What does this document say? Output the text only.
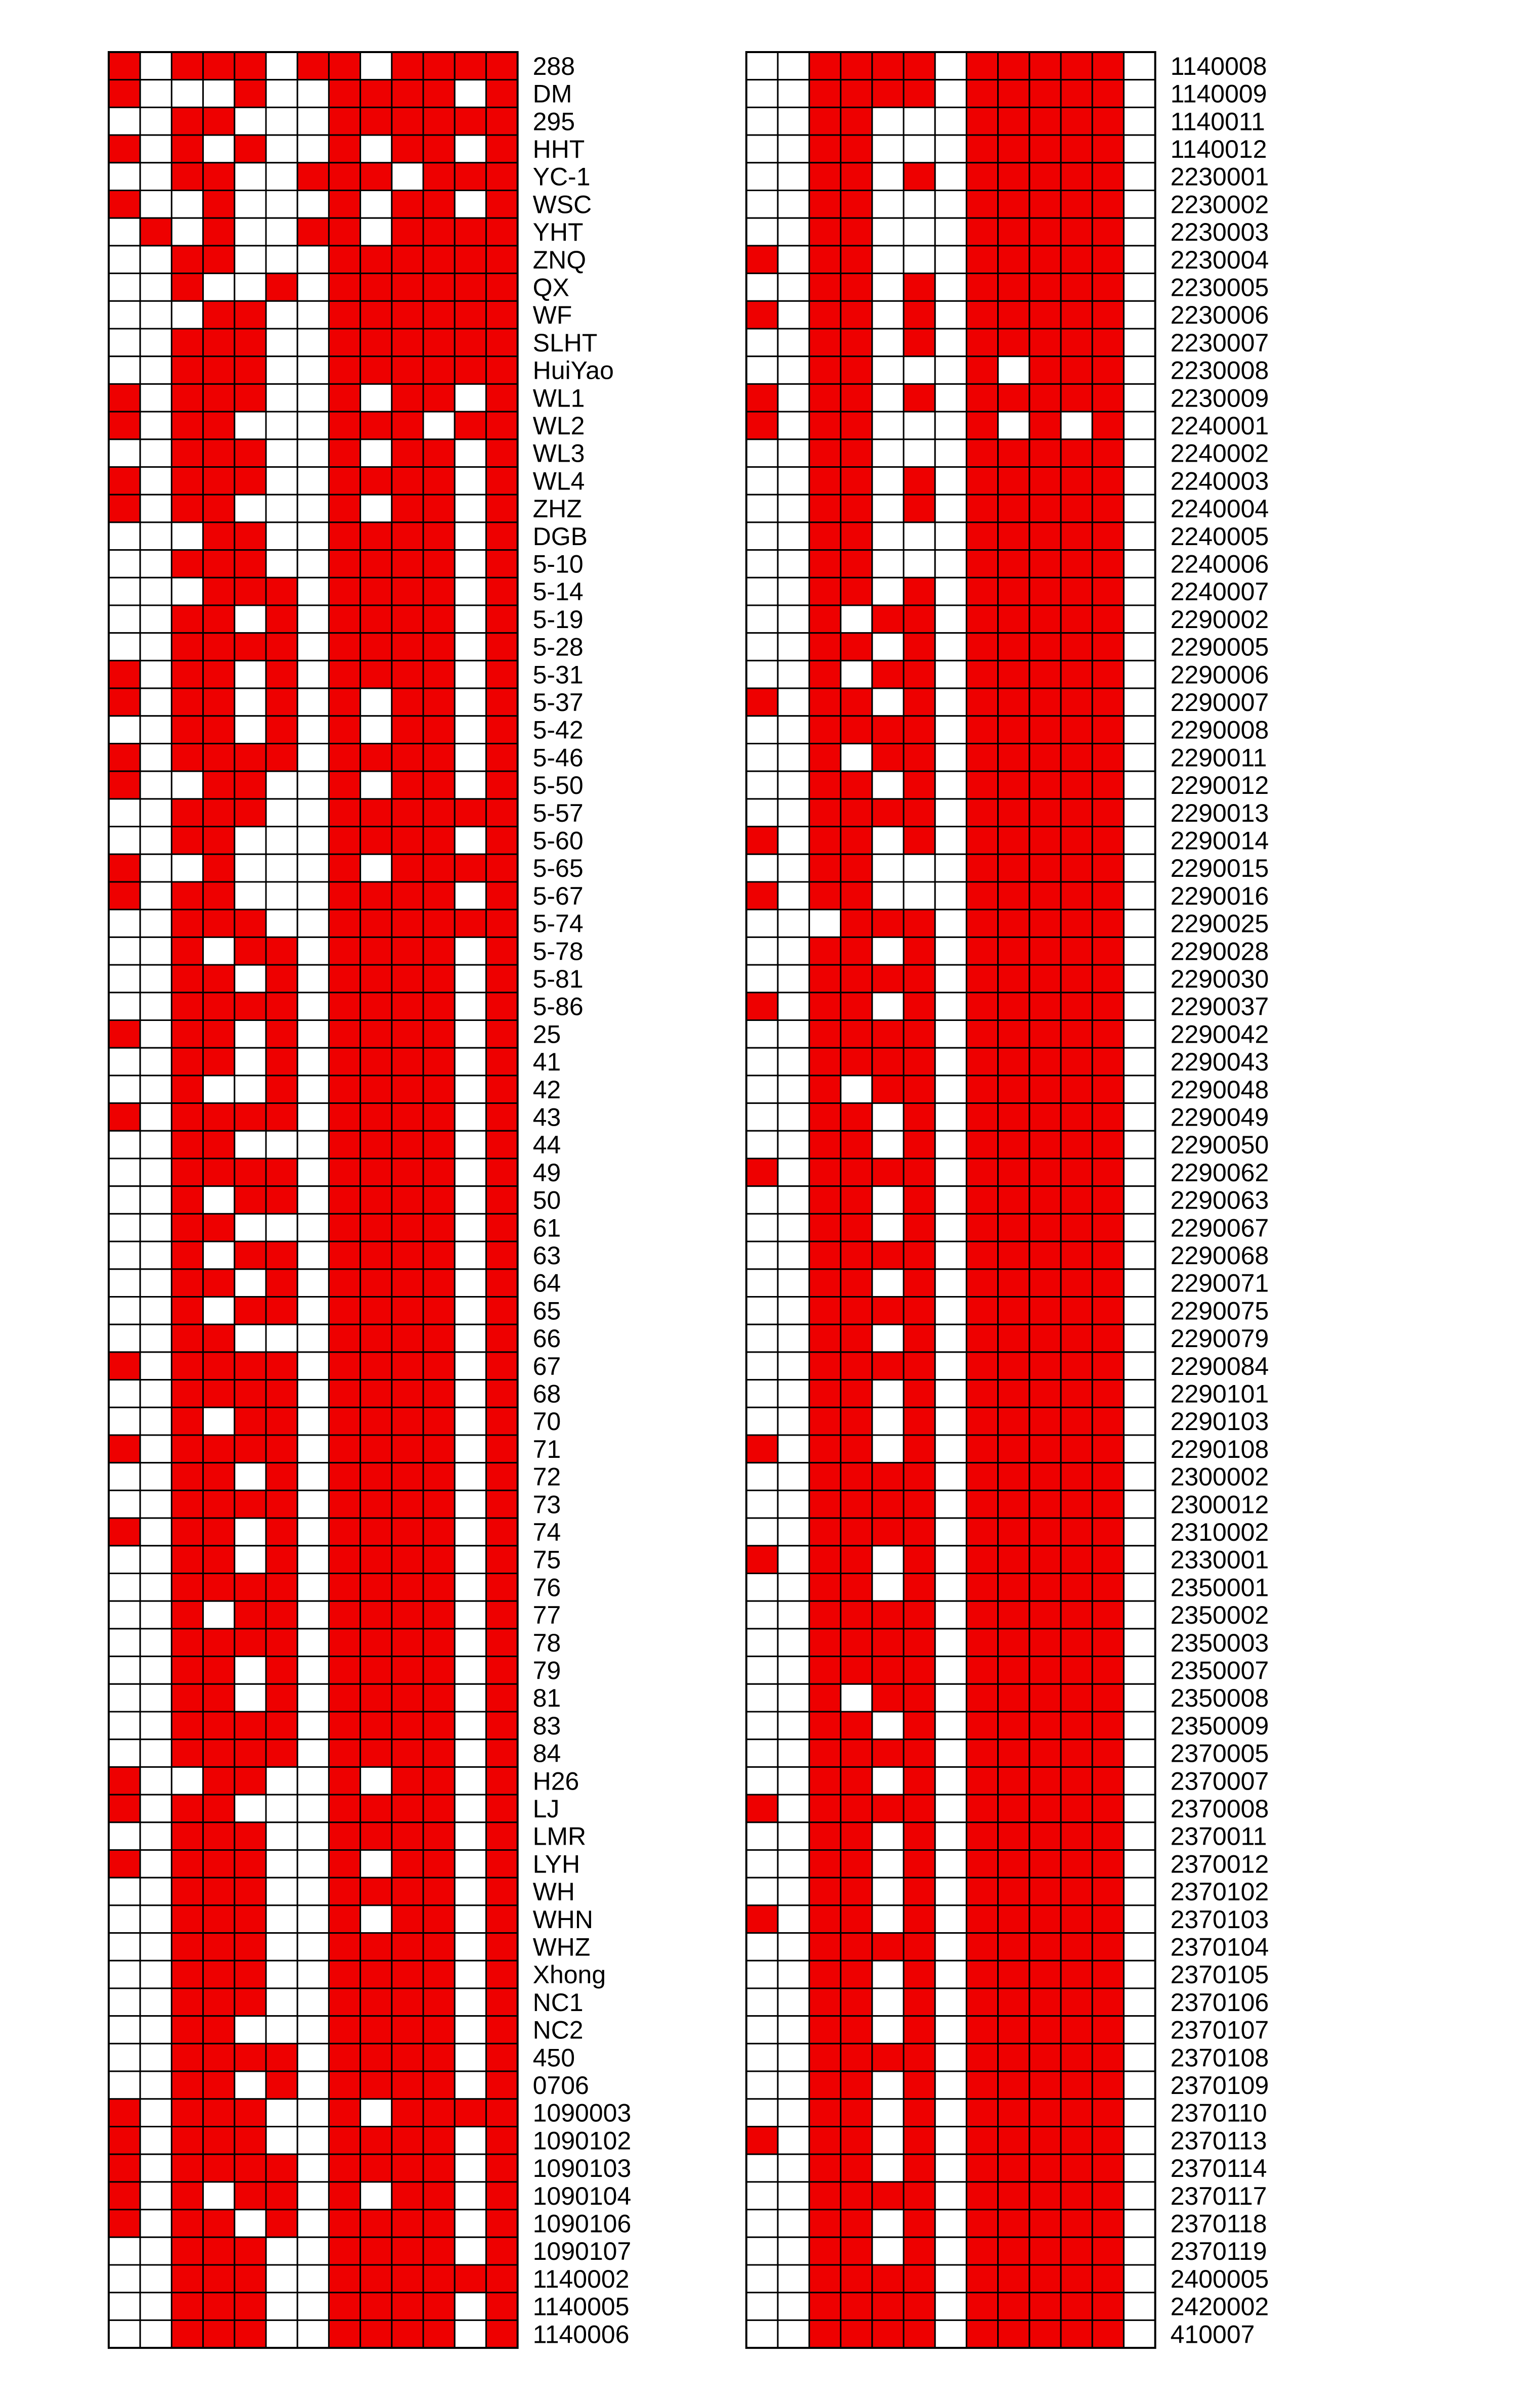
288
DM
295
HHT
YC-1
WSC
YHT
ZNQ
QX
WF
SLHT
HuiYao
WL1
WL2
WL3
WL4
ZHZ
DGB
5-10
5-14
5-19
5-28
5-31
5-37
5-42
5-46
5-50
5-57
5-60
5-65
5-67
5-74
5-78
5-81
5-86
25
41
42
43
44
49
50
61
63
64
65
66
67
68
70
71
72
73
74
75
76
77
78
79
81
83
84
H26
LJ
LMR
LYH
WH
WHN
WHZ
Xhong
NC1
NC2
450
0706
1090003
1090102
1090103
1090104
1090106
1090107
1140002
1140005
1140006
1140008
1140009
1140011
1140012
2230001
2230002
2230003
2230004
2230005
2230006
2230007
2230008
2230009
2240001
2240002
2240003
2240004
2240005
2240006
2240007
2290002
2290005
2290006
2290007
2290008
2290011
2290012
2290013
2290014
2290015
2290016
2290025
2290028
2290030
2290037
2290042
2290043
2290048
2290049
2290050
2290062
2290063
2290067
2290068
2290071
2290075
2290079
2290084
2290101
2290103
2290108
2300002
2300012
2310002
2330001
2350001
2350002
2350003
2350007
2350008
2350009
2370005
2370007
2370008
2370011
2370012
2370102
2370103
2370104
2370105
2370106
2370107
2370108
2370109
2370110
2370113
2370114
2370117
2370118
2370119
2400005
2420002
410007
